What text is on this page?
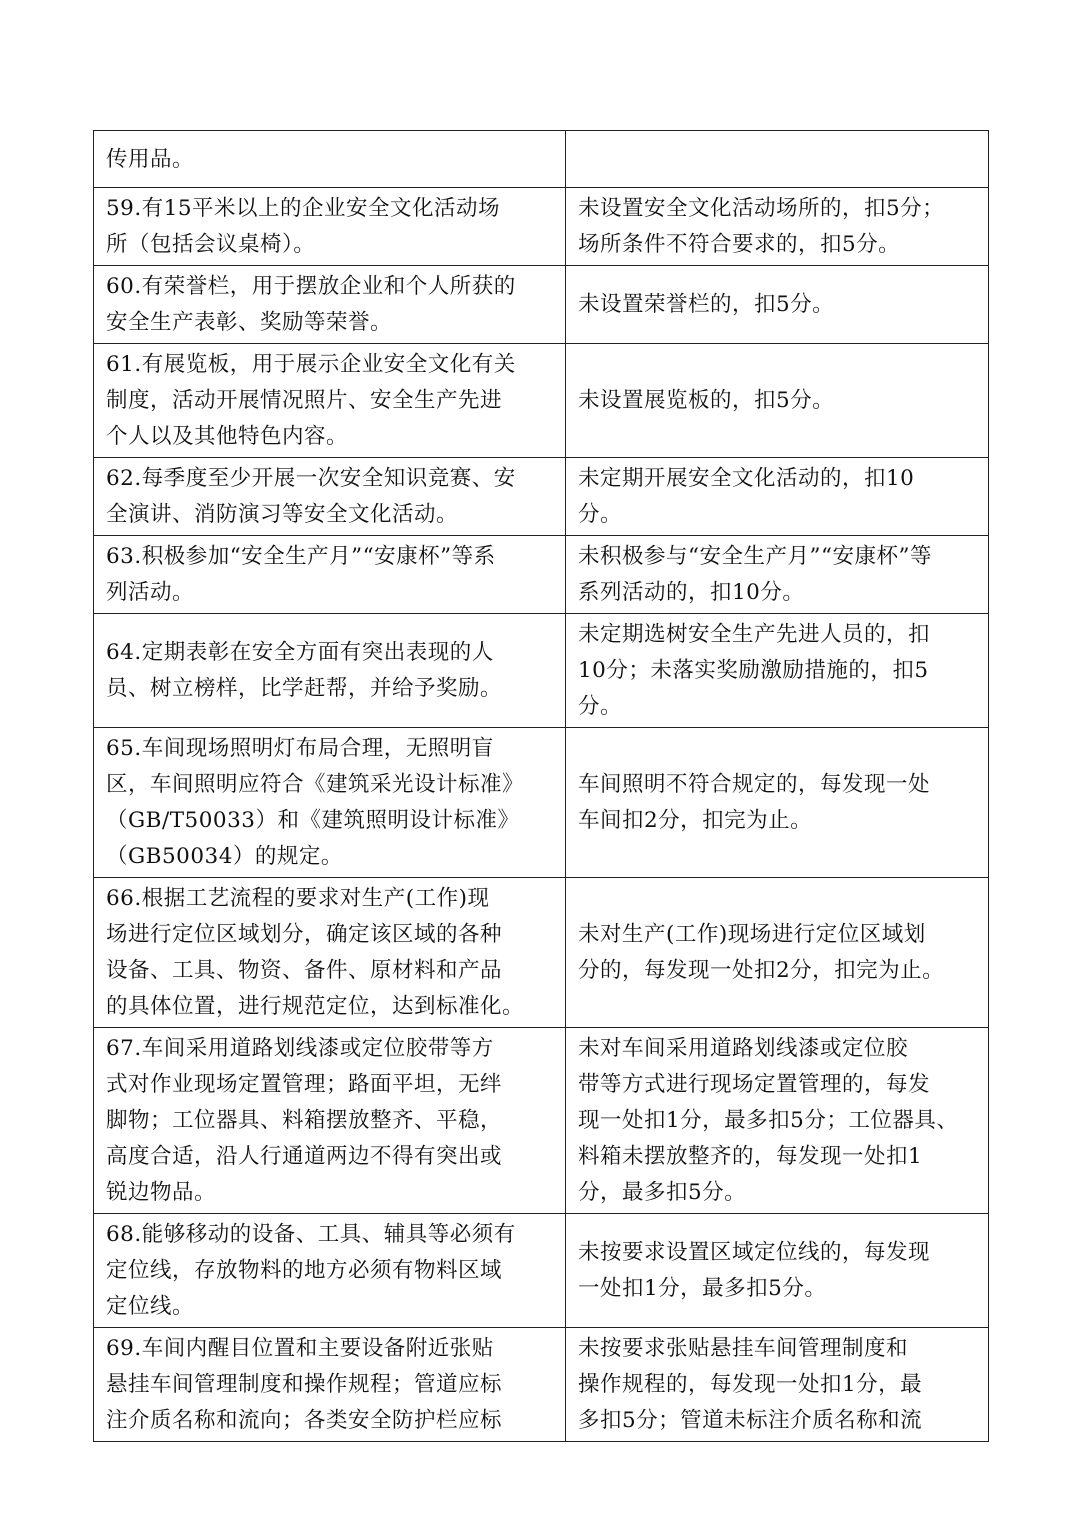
传用品。	

59.有15平米以上的企业安全文化活动场
所（包括会议桌椅）。	未设置安全文化活动场所的，扣5分；
场所条件不符合要求的，扣5分。

60.有荣誉栏，用于摆放企业和个人所获的
安全生产表彰、奖励等荣誉。	未设置荣誉栏的，扣5分。

61.有展览板，用于展示企业安全文化有关
制度，活动开展情况照片、安全生产先进
个人以及其他特色内容。	未设置展览板的，扣5分。

62.每季度至少开展一次安全知识竞赛、安
全演讲、消防演习等安全文化活动。	未定期开展安全文化活动的，扣10
分。

63.积极参加“安全生产月”“安康杯”等系
列活动。	未积极参与“安全生产月”“安康杯”等
系列活动的，扣10分。

64.定期表彰在安全方面有突出表现的人
员、树立榜样，比学赶帮，并给予奖励。	未定期选树安全生产先进人员的，扣
10分；未落实奖励激励措施的，扣5
分。

65.车间现场照明灯布局合理，无照明盲
区，车间照明应符合《建筑采光设计标准》
（GB/T50033）和《建筑照明设计标准》
（GB50034）的规定。	车间照明不符合规定的，每发现一处
车间扣2分，扣完为止。

66.根据工艺流程的要求对生产(工作)现
场进行定位区域划分，确定该区域的各种
设备、工具、物资、备件、原材料和产品
的具体位置，进行规范定位，达到标准化。	未对生产(工作)现场进行定位区域划
分的，每发现一处扣2分，扣完为止。

67.车间采用道路划线漆或定位胶带等方
式对作业现场定置管理；路面平坦，无绊
脚物；工位器具、料箱摆放整齐、平稳，
高度合适，沿人行通道两边不得有突出或
锐边物品。	未对车间采用道路划线漆或定位胶
带等方式进行现场定置管理的，每发
现一处扣1分，最多扣5分；工位器具、
料箱未摆放整齐的，每发现一处扣1
分，最多扣5分。

68.能够移动的设备、工具、辅具等必须有
定位线，存放物料的地方必须有物料区域
定位线。	未按要求设置区域定位线的，每发现
一处扣1分，最多扣5分。

69.车间内醒目位置和主要设备附近张贴
悬挂车间管理制度和操作规程；管道应标
注介质名称和流向；各类安全防护栏应标	未按要求张贴悬挂车间管理制度和
操作规程的，每发现一处扣1分，最
多扣5分；管道未标注介质名称和流
